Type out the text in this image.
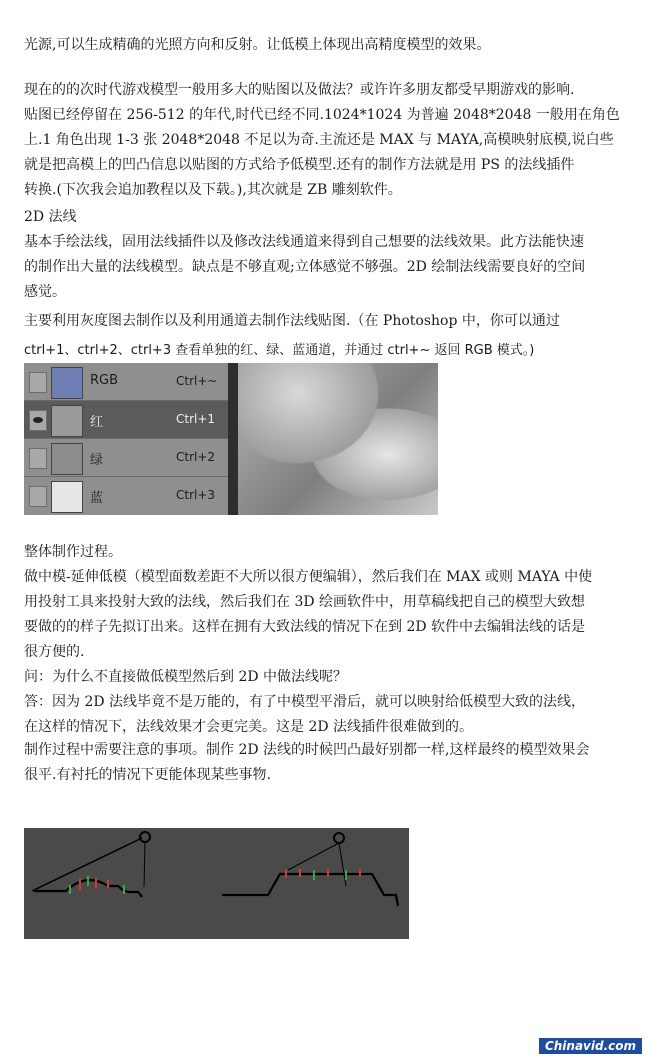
光源,可以生成精确的光照方向和反射。让低模上体现出高精度模型的效果。
现在的的次时代游戏模型一般用多大的贴图以及做法？或许许多朋友都受早期游戏的影响.
贴图已经停留在 256-512 的年代,时代已经不同.1024*1024 为普遍 2048*2048 一般用在角色
上.1 角色出现 1-3 张 2048*2048 不足以为奇.主流还是 MAX 与 MAYA,高模映射底模,说白些
就是把高模上的凹凸信息以贴图的方式给予低模型.还有的制作方法就是用 PS 的法线插件
转换.(下次我会追加教程以及下载。),其次就是 ZB 雕刻软件。
2D 法线
基本手绘法线，固用法线插件以及修改法线通道来得到自己想要的法线效果。此方法能快速
的制作出大量的法线模型。缺点是不够直观;立体感觉不够强。2D 绘制法线需要良好的空间
感觉。
主要利用灰度图去制作以及利用通道去制作法线贴图.（在 Photoshop 中，你可以通过
ctrl+1、ctrl+2、ctrl+3 查看单独的红、绿、蓝通道，并通过 ctrl+~ 返回 RGB 模式。)
RGB	Ctrl+~
红	Ctrl+1
绿	Ctrl+2
蓝	Ctrl+3
整体制作过程。
做中模-延伸低模（模型面数差距不大所以很方便编辑），然后我们在 MAX 或则 MAYA 中使
用投射工具来投射大致的法线，然后我们在 3D 绘画软件中，用草稿线把自己的模型大致想
要做的的样子先拟订出来。这样在拥有大致法线的情况下在到 2D 软件中去编辑法线的话是
很方便的.
问：为什么不直接做低模型然后到 2D 中做法线呢？
答：因为 2D 法线毕竟不是万能的，有了中模型平滑后，就可以映射给低模型大致的法线，
在这样的情况下，法线效果才会更完美。这是 2D 法线插件很难做到的。
制作过程中需要注意的事项。制作 2D 法线的时候凹凸最好别都一样,这样最终的模型效果会
很平.有衬托的情况下更能体现某些事物.
Chinavid.com
